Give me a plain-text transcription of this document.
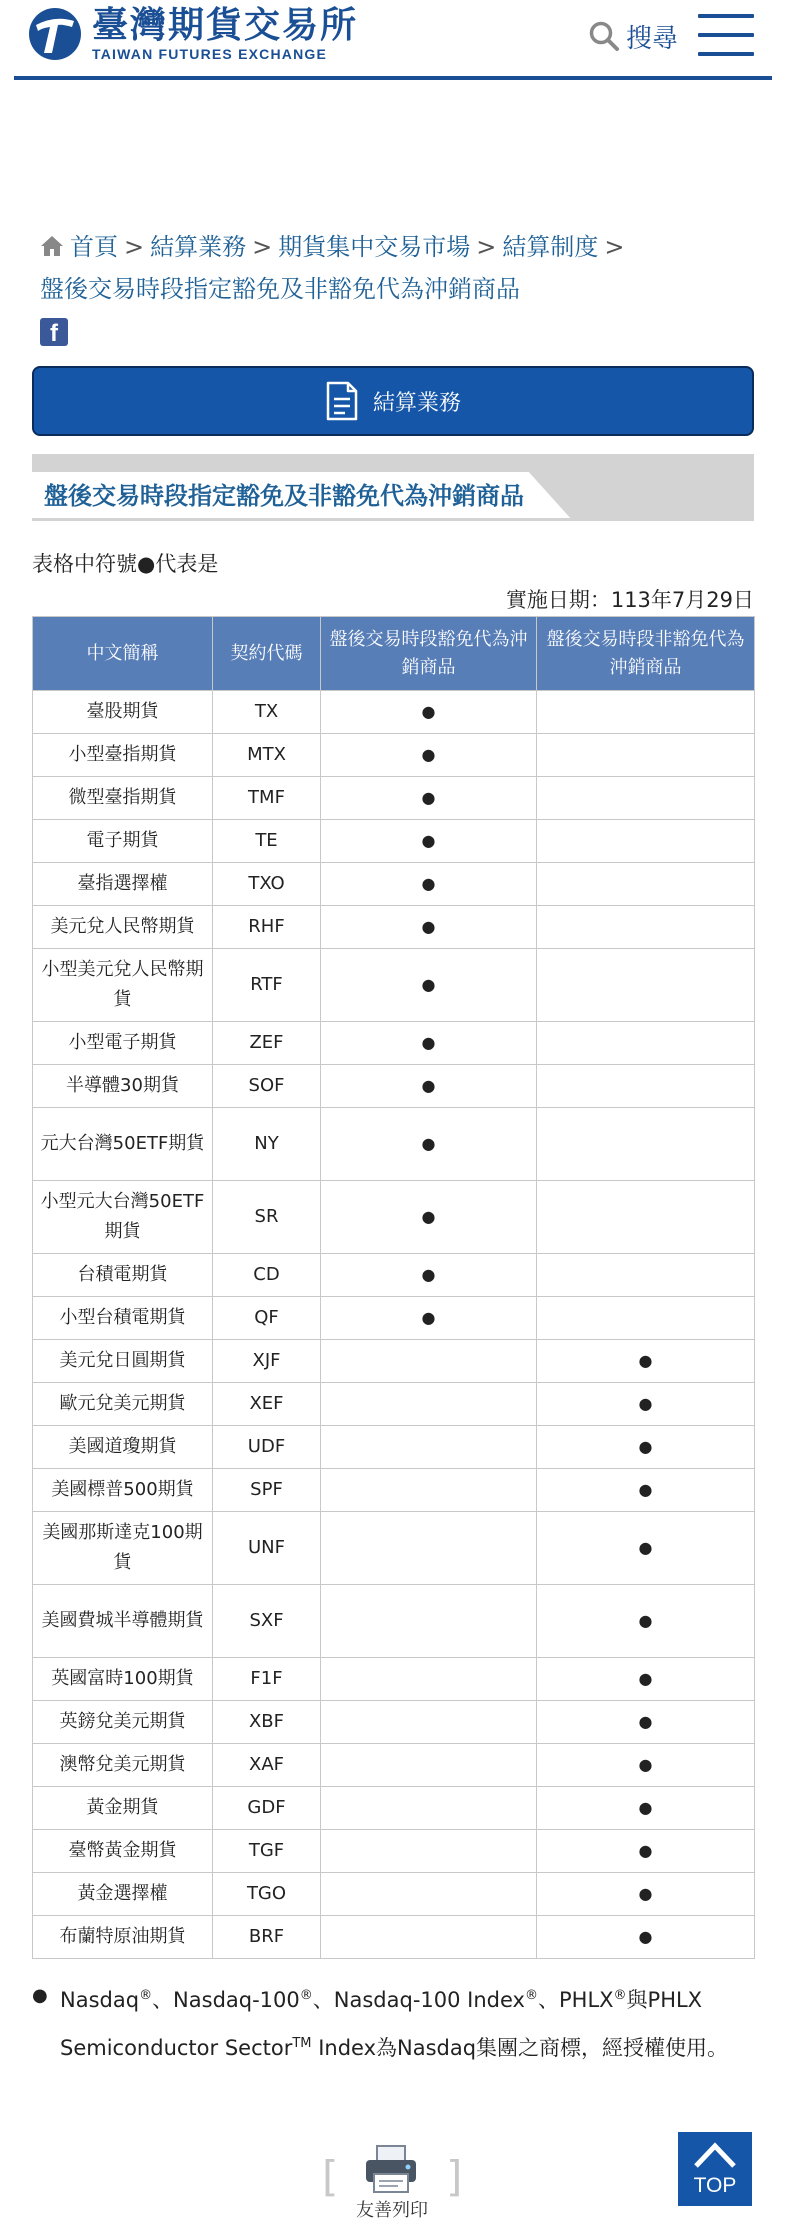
臺灣期貨交易所
TAIWAN FUTURES EXCHANGE
搜尋
首頁 > 結算業務 > 期貨集中交易市場 > 結算制度 >
盤後交易時段指定豁免及非豁免代為沖銷商品
f
結算業務
盤後交易時段指定豁免及非豁免代為沖銷商品
表格中符號●代表是
實施日期：113年7月29日
中文簡稱	契約代碼	盤後交易時段豁免代為沖銷商品	盤後交易時段非豁免代為沖銷商品
臺股期貨	TX	●	
小型臺指期貨	MTX	●	
微型臺指期貨	TMF	●	
電子期貨	TE	●	
臺指選擇權	TXO	●	
美元兌人民幣期貨	RHF	●	
小型美元兌人民幣期貨	RTF	●	
小型電子期貨	ZEF	●	
半導體30期貨	SOF	●	
元大台灣50ETF期貨	NY	●	
小型元大台灣50ETF期貨	SR	●	
台積電期貨	CD	●	
小型台積電期貨	QF	●	
美元兌日圓期貨	XJF		●
歐元兌美元期貨	XEF		●
美國道瓊期貨	UDF		●
美國標普500期貨	SPF		●
美國那斯達克100期貨	UNF		●
美國費城半導體期貨	SXF		●
英國富時100期貨	F1F		●
英鎊兌美元期貨	XBF		●
澳幣兌美元期貨	XAF		●
黃金期貨	GDF		●
臺幣黃金期貨	TGF		●
黃金選擇權	TGO		●
布蘭特原油期貨	BRF		●
● Nasdaq®、Nasdaq-100®、Nasdaq-100 Index®、PHLX®與PHLX Semiconductor Sector™ Index為Nasdaq集團之商標，經授權使用。
[	]
友善列印
TOP
